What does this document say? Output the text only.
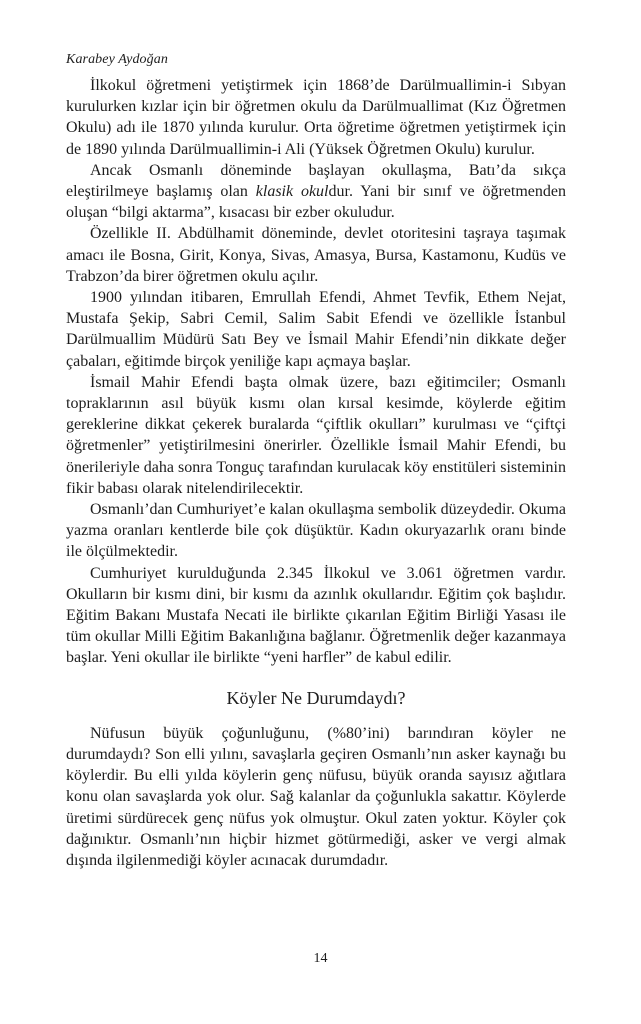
Karabey Aydoğan

İlkokul öğretmeni yetiştirmek için 1868’de Darülmuallimin-i Sıbyan kurulurken kızlar için bir öğretmen okulu da Darülmuallimat (Kız Öğretmen Okulu) adı ile 1870 yılında kurulur. Orta öğretime öğretmen yetiştirmek için de 1890 yılında Darülmuallimin-i Ali (Yüksek Öğretmen Okulu) kurulur.

Ancak Osmanlı döneminde başlayan okullaşma, Batı’da sıkça eleştirilmeye başlamış olan klasik okuldur. Yani bir sınıf ve öğretmenden oluşan “bilgi aktarma”, kısacası bir ezber okuludur.

Özellikle II. Abdülhamit döneminde, devlet otoritesini taşraya taşımak amacı ile Bosna, Girit, Konya, Sivas, Amasya, Bursa, Kastamonu, Kudüs ve Trabzon’da birer öğretmen okulu açılır.

1900 yılından itibaren, Emrullah Efendi, Ahmet Tevfik, Ethem Nejat, Mustafa Şekip, Sabri Cemil, Salim Sabit Efendi ve özellikle İstanbul Darülmuallim Müdürü Satı Bey ve İsmail Mahir Efendi’nin dikkate değer çabaları, eğitimde birçok yeniliğe kapı açmaya başlar.

İsmail Mahir Efendi başta olmak üzere, bazı eğitimciler; Osmanlı topraklarının asıl büyük kısmı olan kırsal kesimde, köylerde eğitim gereklerine dikkat çekerek buralarda “çiftlik okulları” kurulması ve “çiftçi öğretmenler” yetiştirilmesini önerirler. Özellikle İsmail Mahir Efendi, bu önerileriyle daha sonra Tonguç tarafından kurulacak köy enstitüleri sisteminin fikir babası olarak nitelendirilecektir.

Osmanlı’dan Cumhuriyet’e kalan okullaşma sembolik düzeydedir. Okuma yazma oranları kentlerde bile çok düşüktür. Kadın okuryazarlık oranı binde ile ölçülmektedir.

Cumhuriyet kurulduğunda 2.345 İlkokul ve 3.061 öğretmen vardır. Okulların bir kısmı dini, bir kısmı da azınlık okullarıdır. Eğitim çok başlıdır. Eğitim Bakanı Mustafa Necati ile birlikte çıkarılan Eğitim Birliği Yasası ile tüm okullar Milli Eğitim Bakanlığına bağlanır. Öğretmenlik değer kazanmaya başlar. Yeni okullar ile birlikte “yeni harfler” de kabul edilir.

Köyler Ne Durumdaydı?

Nüfusun büyük çoğunluğunu, (%80’ini) barındıran köyler ne durumdaydı? Son elli yılını, savaşlarla geçiren Osmanlı’nın asker kaynağı bu köylerdir. Bu elli yılda köylerin genç nüfusu, büyük oranda sayısız ağıtlara konu olan savaşlarda yok olur. Sağ kalanlar da çoğunlukla sakattır. Köylerde üretimi sürdürecek genç nüfus yok olmuştur. Okul zaten yoktur. Köyler çok dağınıktır. Osmanlı’nın hiçbir hizmet götürmediği, asker ve vergi almak dışında ilgilenmediği köyler acınacak durumdadır.

14
